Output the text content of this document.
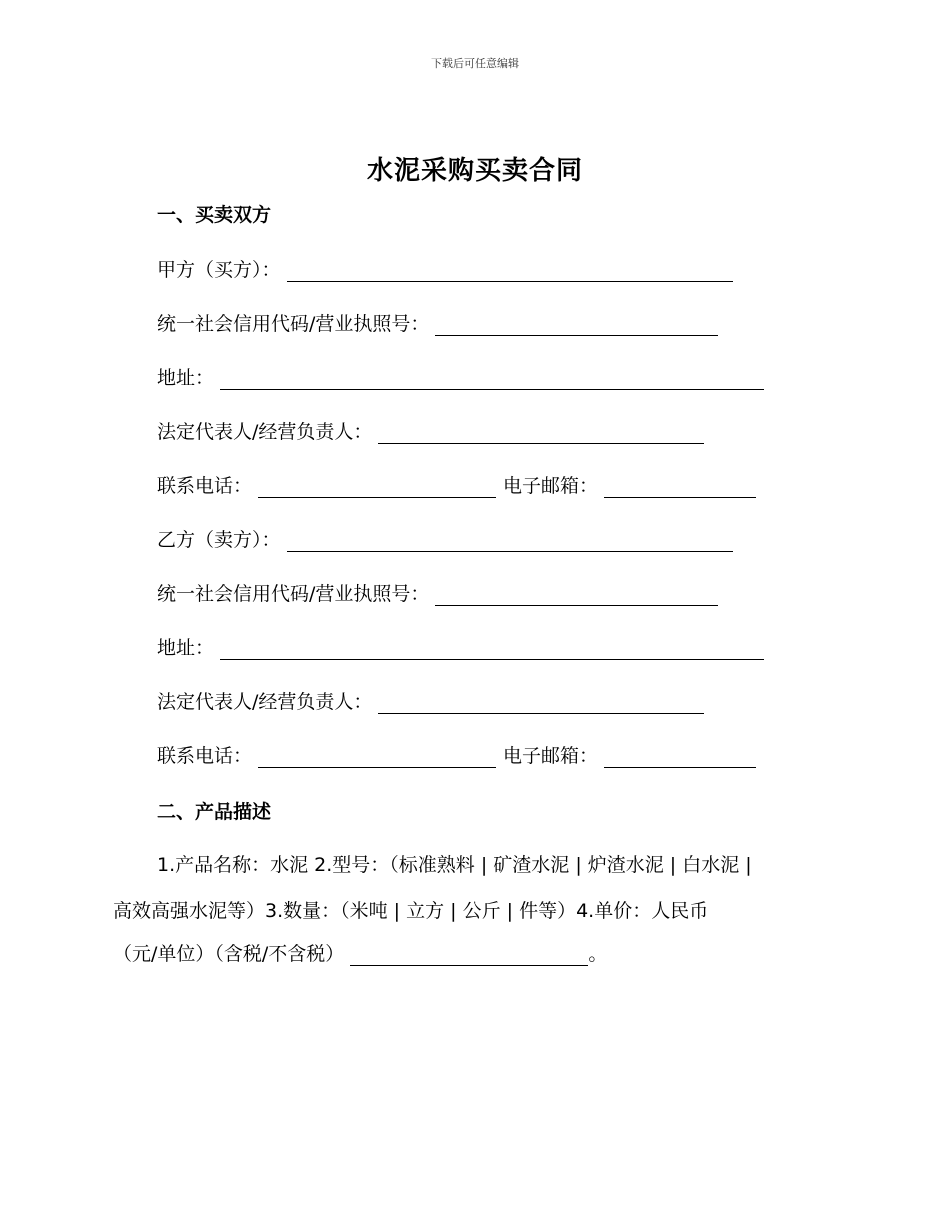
下载后可任意编辑
水泥采购买卖合同
一、买卖双方
甲方（买方）：
统一社会信用代码/营业执照号：
地址：
法定代表人/经营负责人：
联系电话：	电子邮箱：
乙方（卖方）：
统一社会信用代码/营业执照号：
地址：
法定代表人/经营负责人：
联系电话：	电子邮箱：
二、产品描述
1.产品名称：水泥 2.型号：（标准熟料 | 矿渣水泥 | 炉渣水泥 | 白水泥 |
高效高强水泥等）3.数量：（米吨 | 立方 | 公斤 | 件等）4.单价：人民币
（元/单位）（含税/不含税）	。
